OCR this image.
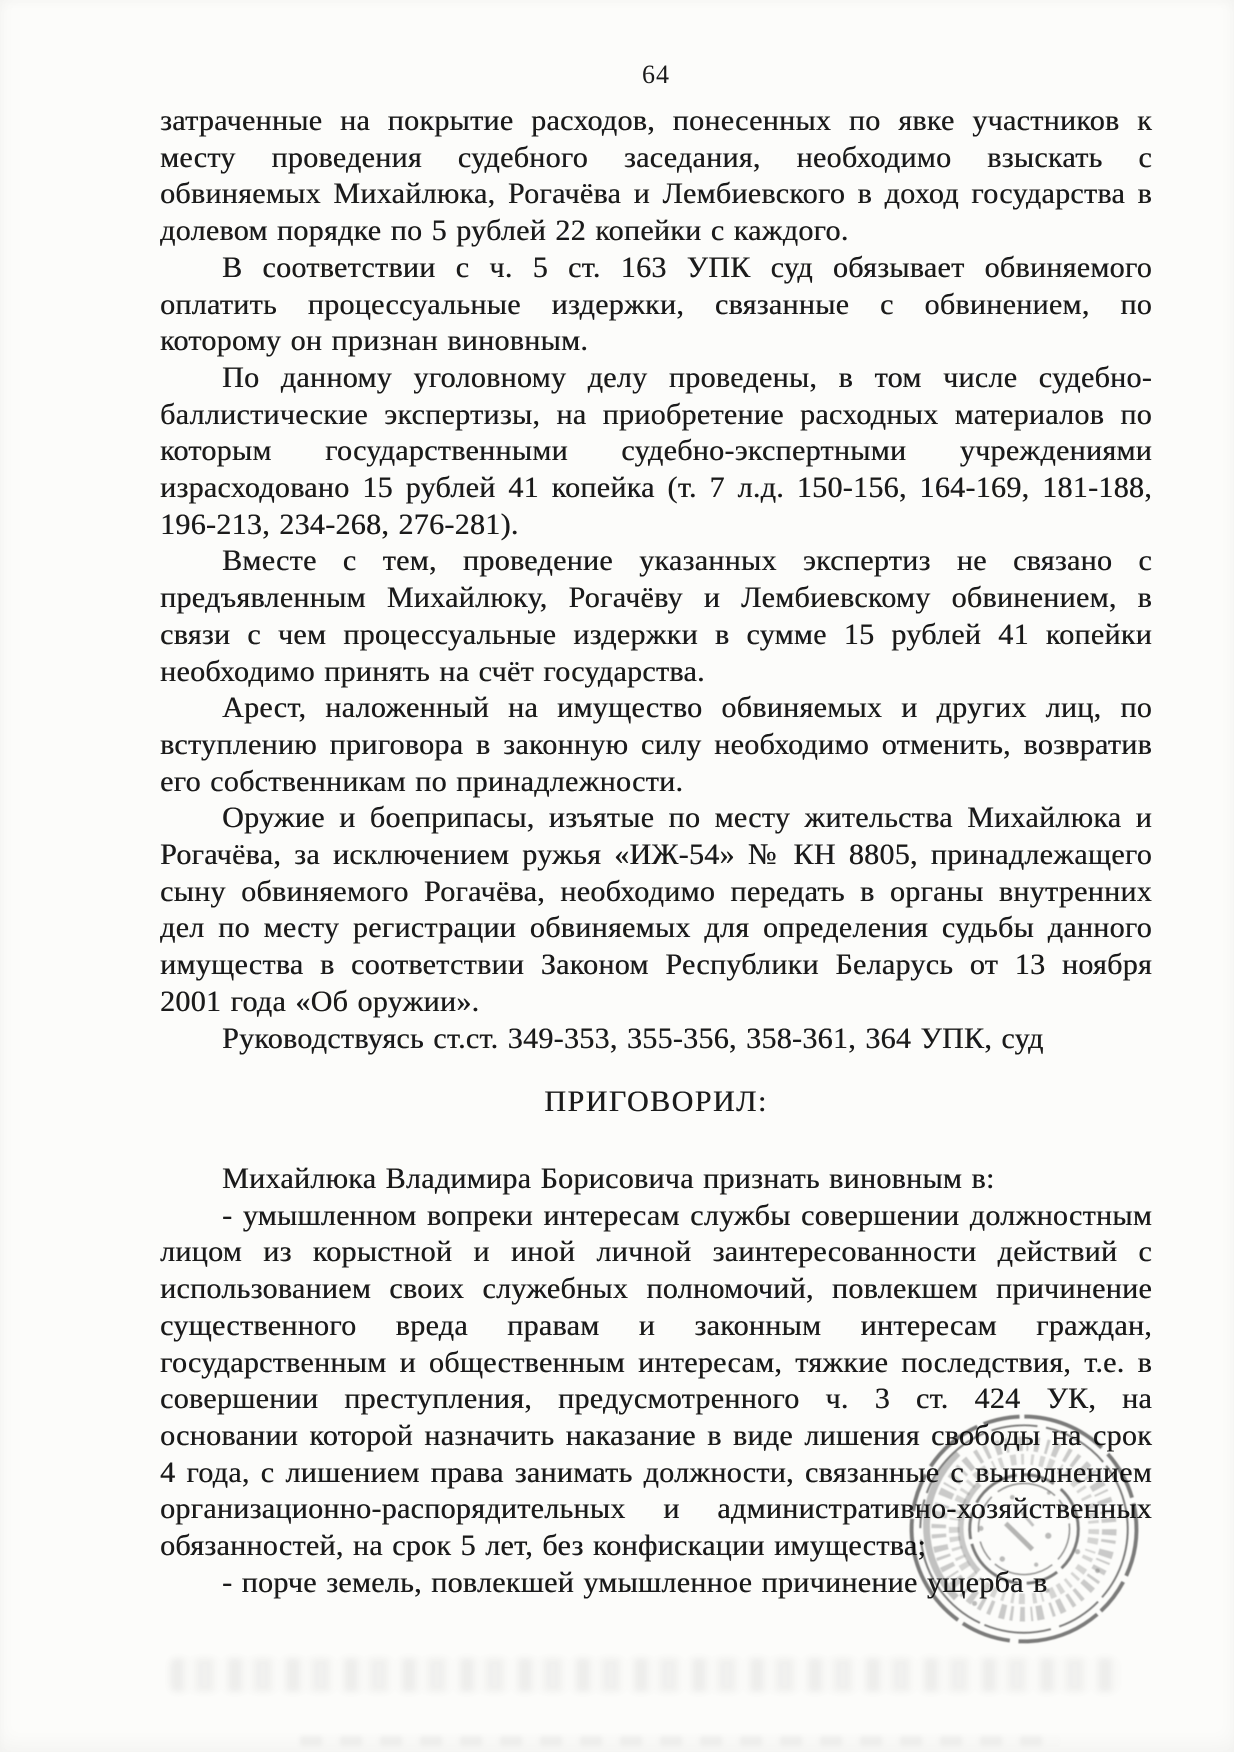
64

затраченные на покрытие расходов, понесенных по явке участников к месту проведения судебного заседания, необходимо взыскать с обвиняемых Михайлюка, Рогачёва и Лембиевского в доход государства в долевом порядке по 5 рублей 22 копейки с каждого.

В соответствии с ч. 5 ст. 163 УПК суд обязывает обвиняемого оплатить процессуальные издержки, связанные с обвинением, по которому он признан виновным.

По данному уголовному делу проведены, в том числе судебно-баллистические экспертизы, на приобретение расходных материалов по которым государственными судебно-экспертными учреждениями израсходовано 15 рублей 41 копейка (т. 7 л.д. 150-156, 164-169, 181-188, 196-213, 234-268, 276-281).

Вместе с тем, проведение указанных экспертиз не связано с предъявленным Михайлюку, Рогачёву и Лембиевскому обвинением, в связи с чем процессуальные издержки в сумме 15 рублей 41 копейки необходимо принять на счёт государства.

Арест, наложенный на имущество обвиняемых и других лиц, по вступлению приговора в законную силу необходимо отменить, возвратив его собственникам по принадлежности.

Оружие и боеприпасы, изъятые по месту жительства Михайлюка и Рогачёва, за исключением ружья «ИЖ-54» № КН 8805, принадлежащего сыну обвиняемого Рогачёва, необходимо передать в органы внутренних дел по месту регистрации обвиняемых для определения судьбы данного имущества в соответствии Законом Республики Беларусь от 13 ноября 2001 года «Об оружии».

Руководствуясь ст.ст. 349-353, 355-356, 358-361, 364 УПК, суд

ПРИГОВОРИЛ:

Михайлюка Владимира Борисовича признать виновным в:

- умышленном вопреки интересам службы совершении должностным лицом из корыстной и иной личной заинтересованности действий с использованием своих служебных полномочий, повлекшем причинение существенного вреда правам и законным интересам граждан, государственным и общественным интересам, тяжкие последствия, т.е. в совершении преступления, предусмотренного ч. 3 ст. 424 УК, на основании которой назначить наказание в виде лишения свободы на срок 4 года, с лишением права занимать должности, связанные с выполнением организационно-распорядительных и административно-хозяйственных обязанностей, на срок 5 лет, без конфискации имущества;

- порче земель, повлекшей умышленное причинение ущерба в
